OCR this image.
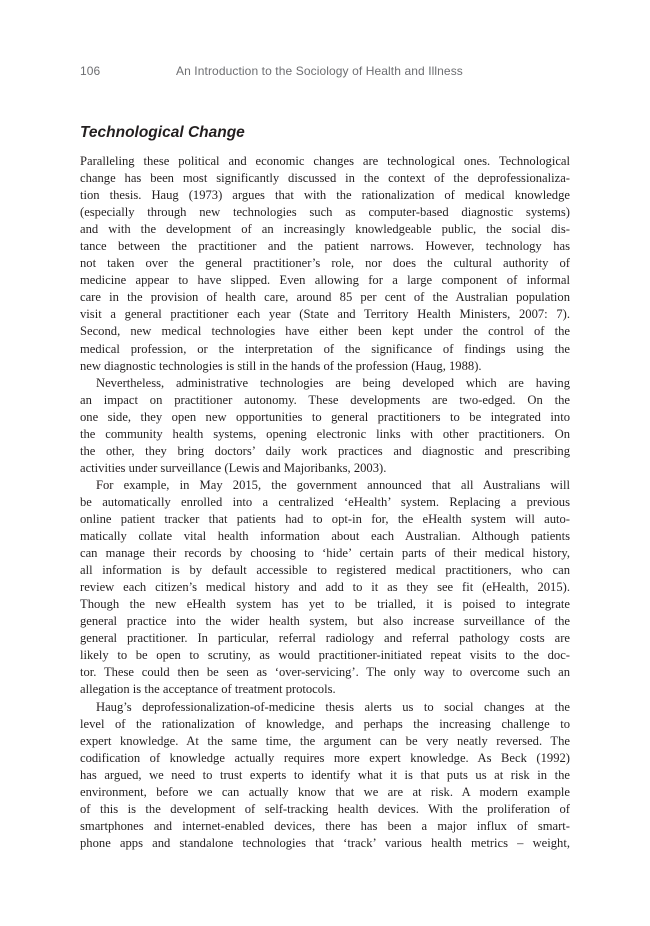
106	An Introduction to the Sociology of Health and Illness
Technological Change

Paralleling these political and economic changes are technological ones. Technological

change has been most significantly discussed in the context of the deprofessionaliza-

tion thesis. Haug (1973) argues that with the rationalization of medical knowledge

(especially through new technologies such as computer-based diagnostic systems)

and with the development of an increasingly knowledgeable public, the social dis-

tance between the practitioner and the patient narrows. However, technology has

not taken over the general practitioner’s role, nor does the cultural authority of

medicine appear to have slipped. Even allowing for a large component of informal

care in the provision of health care, around 85 per cent of the Australian population

visit a general practitioner each year (State and Territory Health Ministers, 2007: 7).

Second, new medical technologies have either been kept under the control of the

medical profession, or the interpretation of the significance of findings using the

new diagnostic technologies is still in the hands of the profession (Haug, 1988).

Nevertheless, administrative technologies are being developed which are having

an impact on practitioner autonomy. These developments are two-edged. On the

one side, they open new opportunities to general practitioners to be integrated into

the community health systems, opening electronic links with other practitioners. On

the other, they bring doctors’ daily work practices and diagnostic and prescribing

activities under surveillance (Lewis and Majoribanks, 2003).

For example, in May 2015, the government announced that all Australians will

be automatically enrolled into a centralized ‘eHealth’ system. Replacing a previous

online patient tracker that patients had to opt-in for, the eHealth system will auto-

matically collate vital health information about each Australian. Although patients

can manage their records by choosing to ‘hide’ certain parts of their medical history,

all information is by default accessible to registered medical practitioners, who can

review each citizen’s medical history and add to it as they see fit (eHealth, 2015).

Though the new eHealth system has yet to be trialled, it is poised to integrate

general practice into the wider health system, but also increase surveillance of the

general practitioner. In particular, referral radiology and referral pathology costs are

likely to be open to scrutiny, as would practitioner-initiated repeat visits to the doc-

tor. These could then be seen as ‘over-servicing’. The only way to overcome such an

allegation is the acceptance of treatment protocols.

Haug’s deprofessionalization-of-medicine thesis alerts us to social changes at the

level of the rationalization of knowledge, and perhaps the increasing challenge to

expert knowledge. At the same time, the argument can be very neatly reversed. The

codification of knowledge actually requires more expert knowledge. As Beck (1992)

has argued, we need to trust experts to identify what it is that puts us at risk in the

environment, before we can actually know that we are at risk. A modern example

of this is the development of self-tracking health devices. With the proliferation of

smartphones and internet-enabled devices, there has been a major influx of smart-

phone apps and standalone technologies that ‘track’ various health metrics – weight,
